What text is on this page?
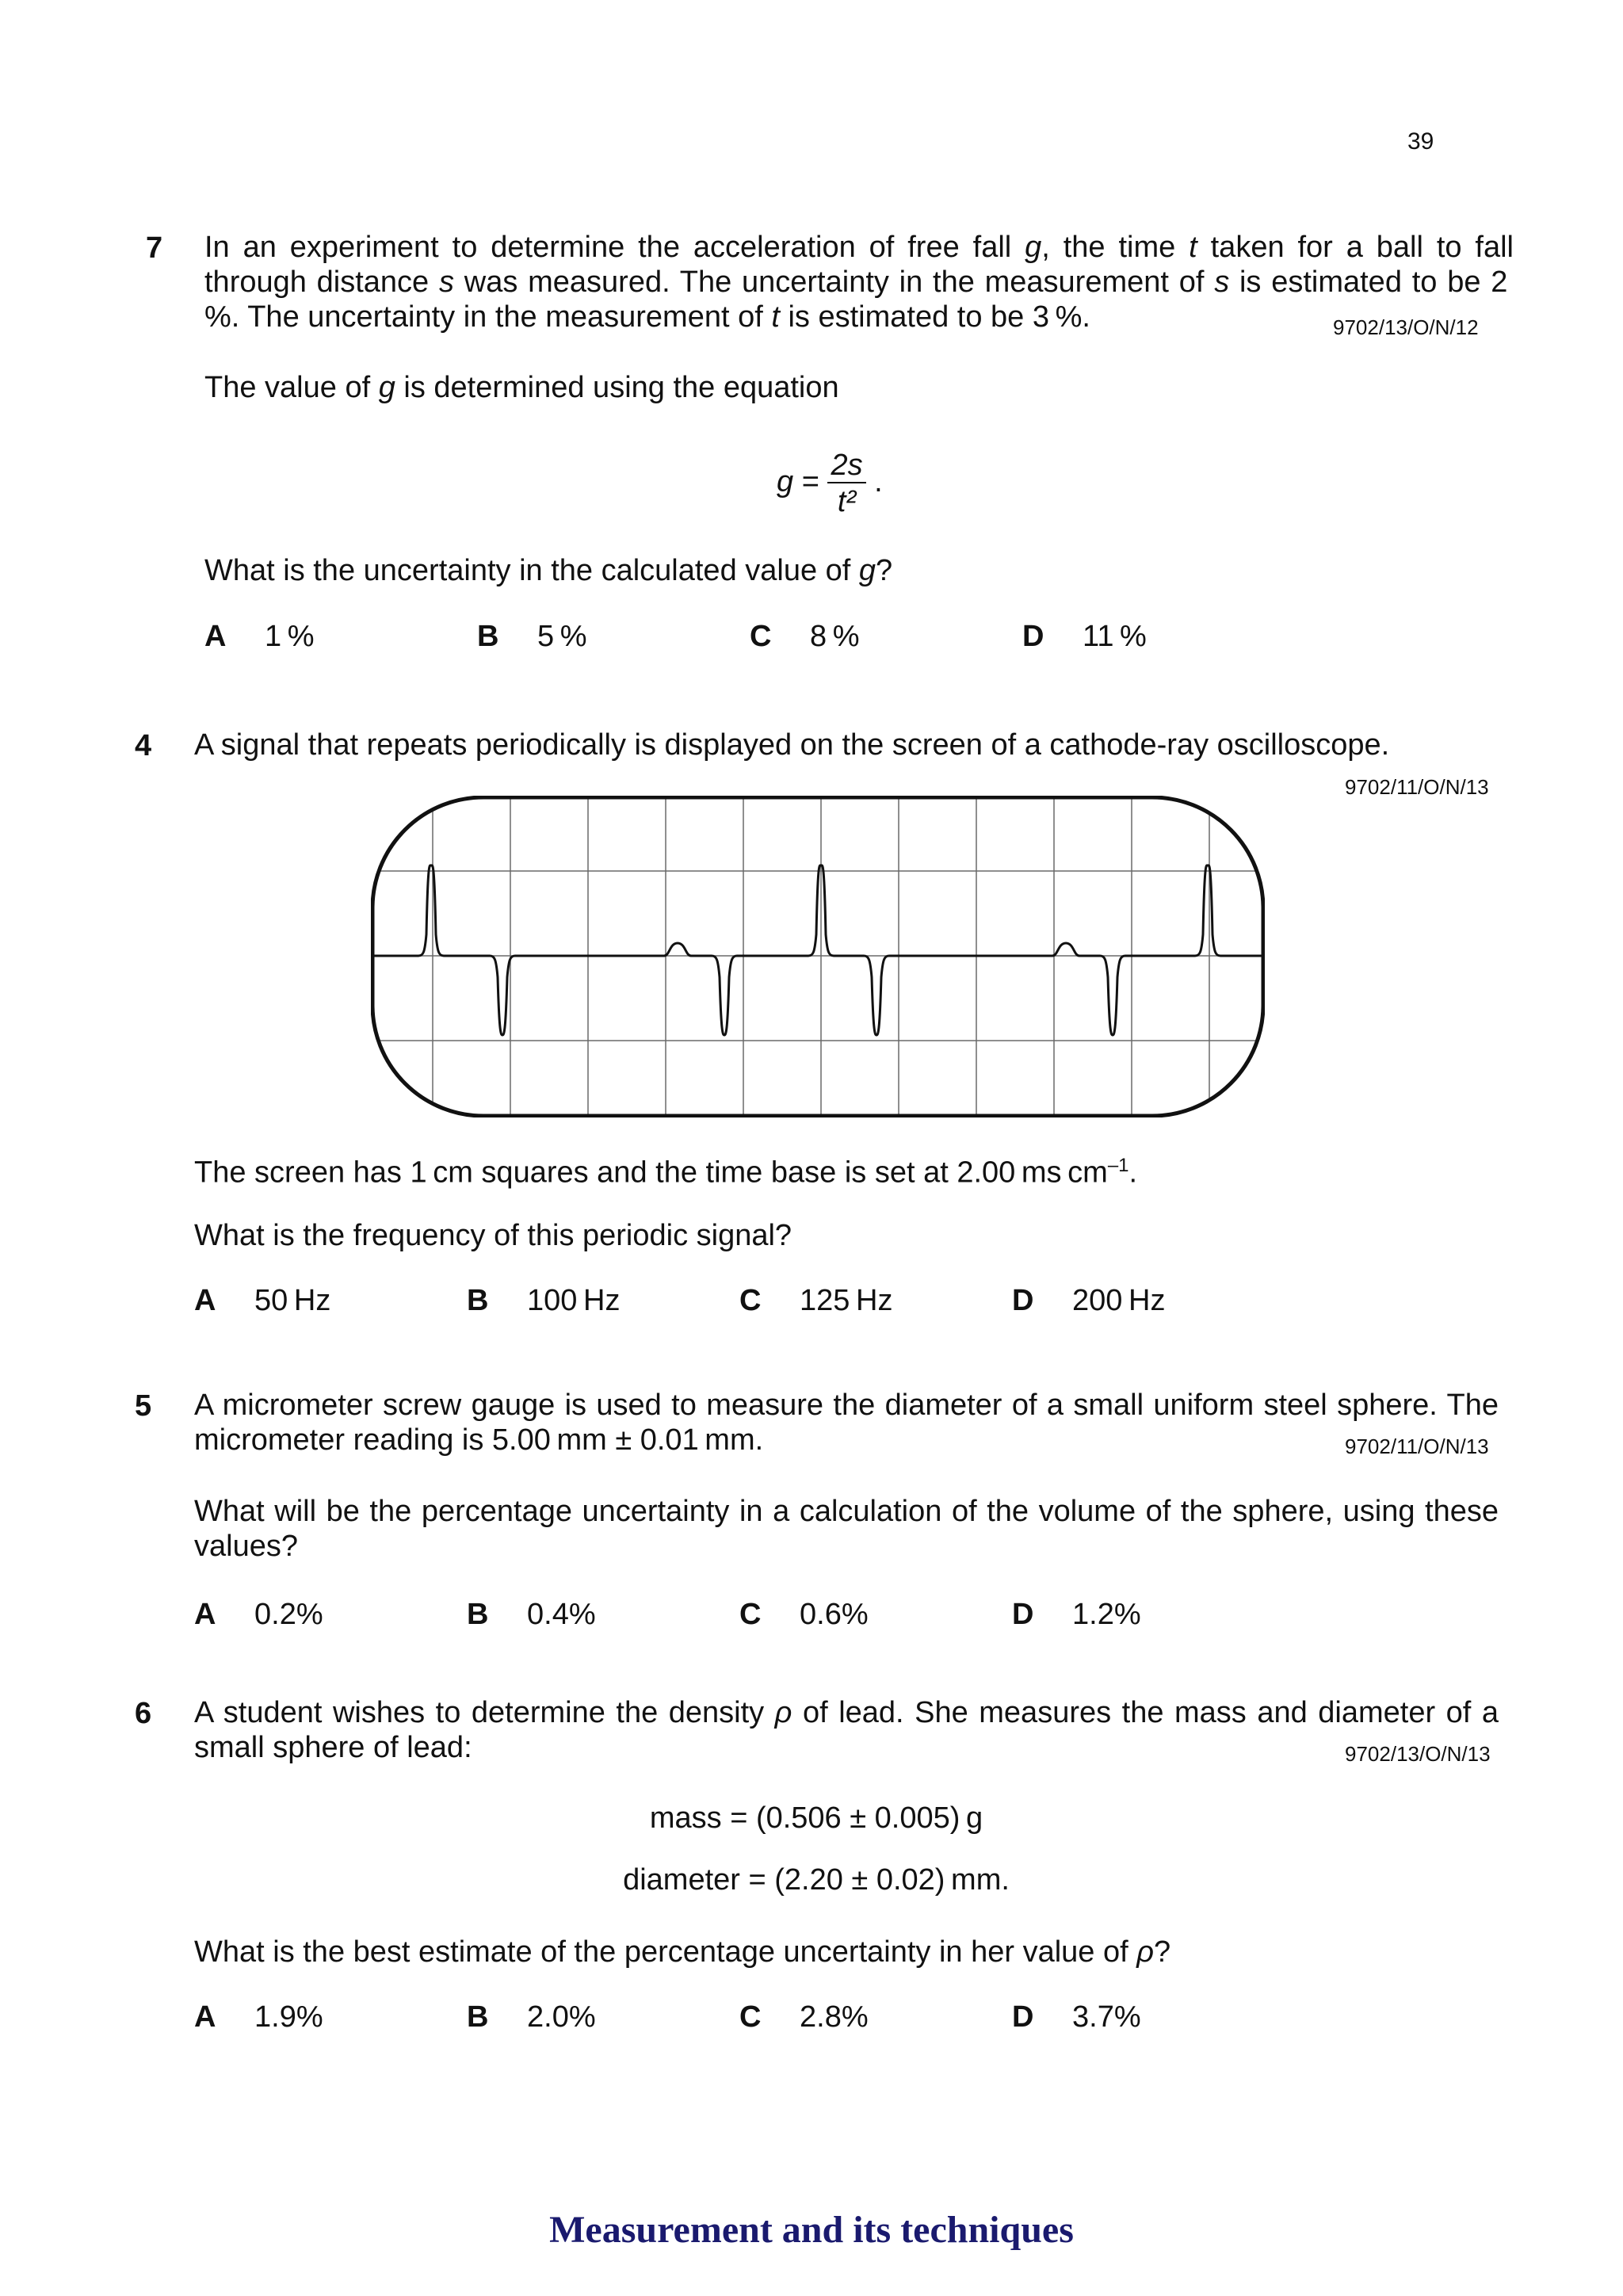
39
7 In an experiment to determine the acceleration of free fall g, the time t taken for a ball to fall through distance s was measured. The uncertainty in the measurement of s is estimated to be 2 %. The uncertainty in the measurement of t is estimated to be 3 %.	9702/13/O/N/12
The value of g is determined using the equation
$g = \frac{2s}{\text{t²}}$ .
What is the uncertainty in the calculated value of g?
A 1 %	B 5 %	C 8 %	D 11 %
4 A signal that repeats periodically is displayed on the screen of a cathode-ray oscilloscope.
9702/11/O/N/13
The screen has 1 cm squares and the time base is set at 2.00 ms $cm^{-1}$.
What is the frequency of this periodic signal?
A 50 Hz	B 100 Hz	C 125 Hz	D 200 Hz
5 A micrometer screw gauge is used to measure the diameter of a small uniform steel sphere. The micrometer reading is 5.00 mm ± 0.01 mm.	9702/11/O/N/13
What will be the percentage uncertainty in a calculation of the volume of the sphere, using these values?
A 0.2%	B 0.4%	C 0.6%	D 1.2%
6 A student wishes to determine the density ρ of lead. She measures the mass and diameter of a small sphere of lead:	9702/13/O/N/13
mass = (0.506 ± 0.005) g
diameter = (2.20 ± 0.02) mm.
What is the best estimate of the percentage uncertainty in her value of ρ?
A 1.9%	B 2.0%	C 2.8%	D 3.7%
Measurement and its techniques
